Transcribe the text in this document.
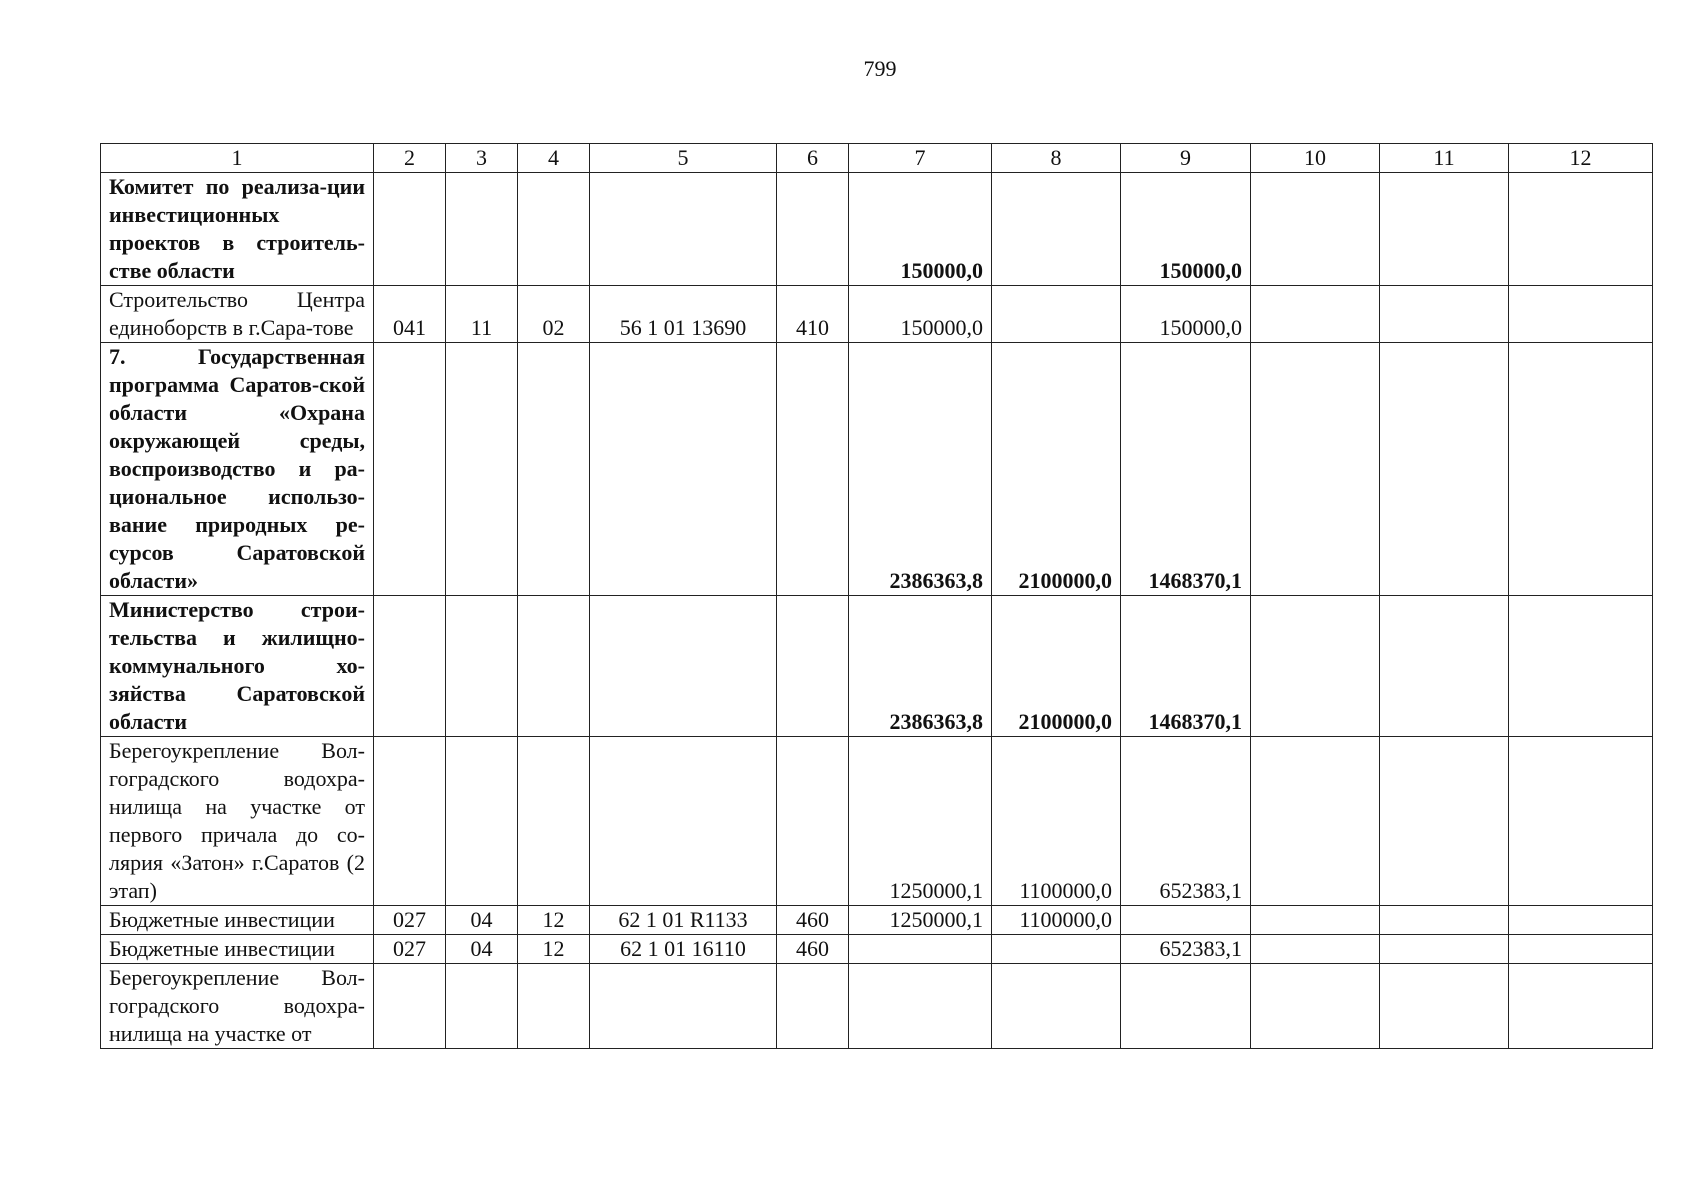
799
1	2	3	4	5	6	7	8	9	10	11	12
Комитет по реализа-ции инвестиционных проектов в строитель-стве области						150000,0		150000,0			
Строительство Центра единоборств в г.Сара-тове	041	11	02	56 1 01 13690	410	150000,0		150000,0			
7. Государственная программа Саратов-ской области «Охрана окружающей среды, воспроизводство и ра-циональное использо-вание природных ре-сурсов Саратовской области»						2386363,8	2100000,0	1468370,1			
Министерство строи-тельства и жилищно-коммунального хо-зяйства Саратовской области						2386363,8	2100000,0	1468370,1			
Берегоукрепление Вол-гоградского водохра-нилища на участке от первого причала до со-лярия «Затон» г.Саратов (2 этап)						1250000,1	1100000,0	652383,1			
Бюджетные инвестиции	027	04	12	62 1 01 R1133	460	1250000,1	1100000,0				
Бюджетные инвестиции	027	04	12	62 1 01 16110	460			652383,1			
Берегоукрепление Вол-гоградского водохра-нилища на участке от											
